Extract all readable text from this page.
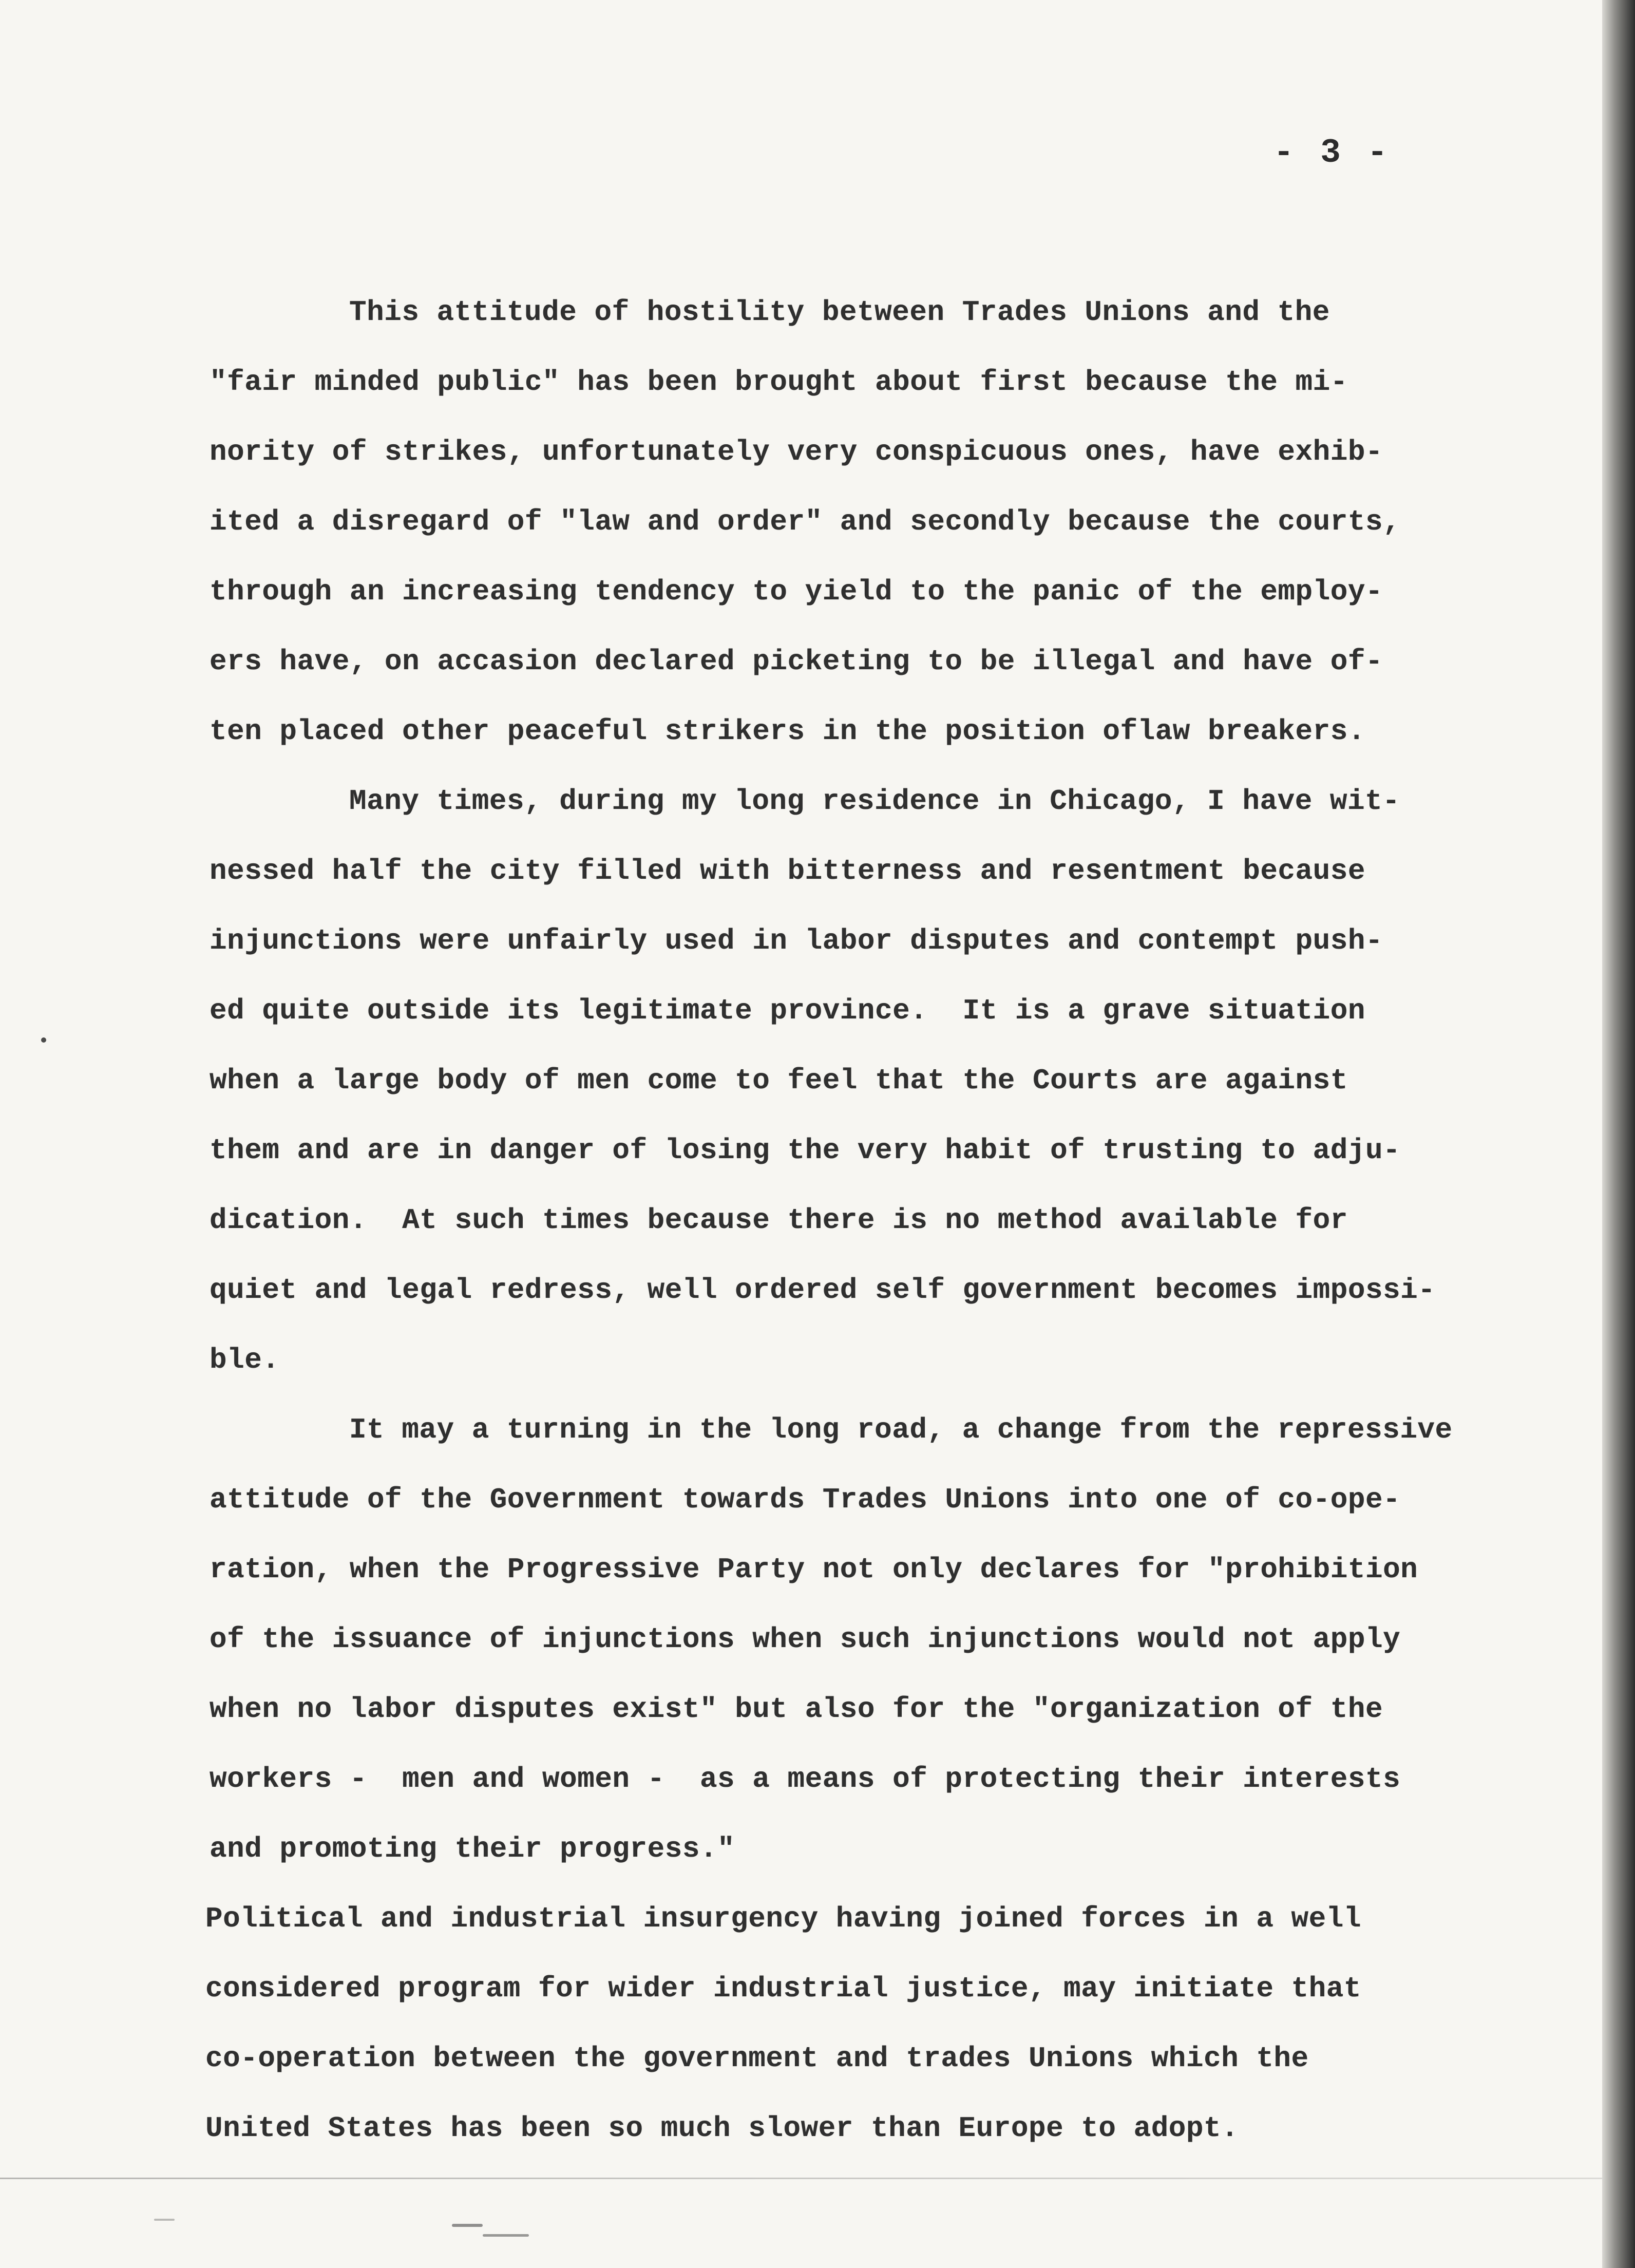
- 3 -
This attitude of hostility between Trades Unions and the
"fair minded public" has been brought about first because the mi-
nority of strikes, unfortunately very conspicuous ones, have exhib-
ited a disregard of "law and order" and secondly because the courts,
through an increasing tendency to yield to the panic of the employ-
ers have, on accasion declared picketing to be illegal and have of-
ten placed other peaceful strikers in the position oflaw breakers.
Many times, during my long residence in Chicago, I have wit-
nessed half the city filled with bitterness and resentment because
injunctions were unfairly used in labor disputes and contempt push-
ed quite outside its legitimate province.  It is a grave situation
when a large body of men come to feel that the Courts are against
them and are in danger of losing the very habit of trusting to adju-
dication.  At such times because there is no method available for
quiet and legal redress, well ordered self government becomes impossi-
ble.
It may a turning in the long road, a change from the repressive
attitude of the Government towards Trades Unions into one of co-ope-
ration, when the Progressive Party not only declares for "prohibition
of the issuance of injunctions when such injunctions would not apply
when no labor disputes exist" but also for the "organization of the
workers -  men and women -  as a means of protecting their interests
and promoting their progress."
Political and industrial insurgency having joined forces in a well
considered program for wider industrial justice, may initiate that
co-operation between the government and trades Unions which the
United States has been so much slower than Europe to adopt.
